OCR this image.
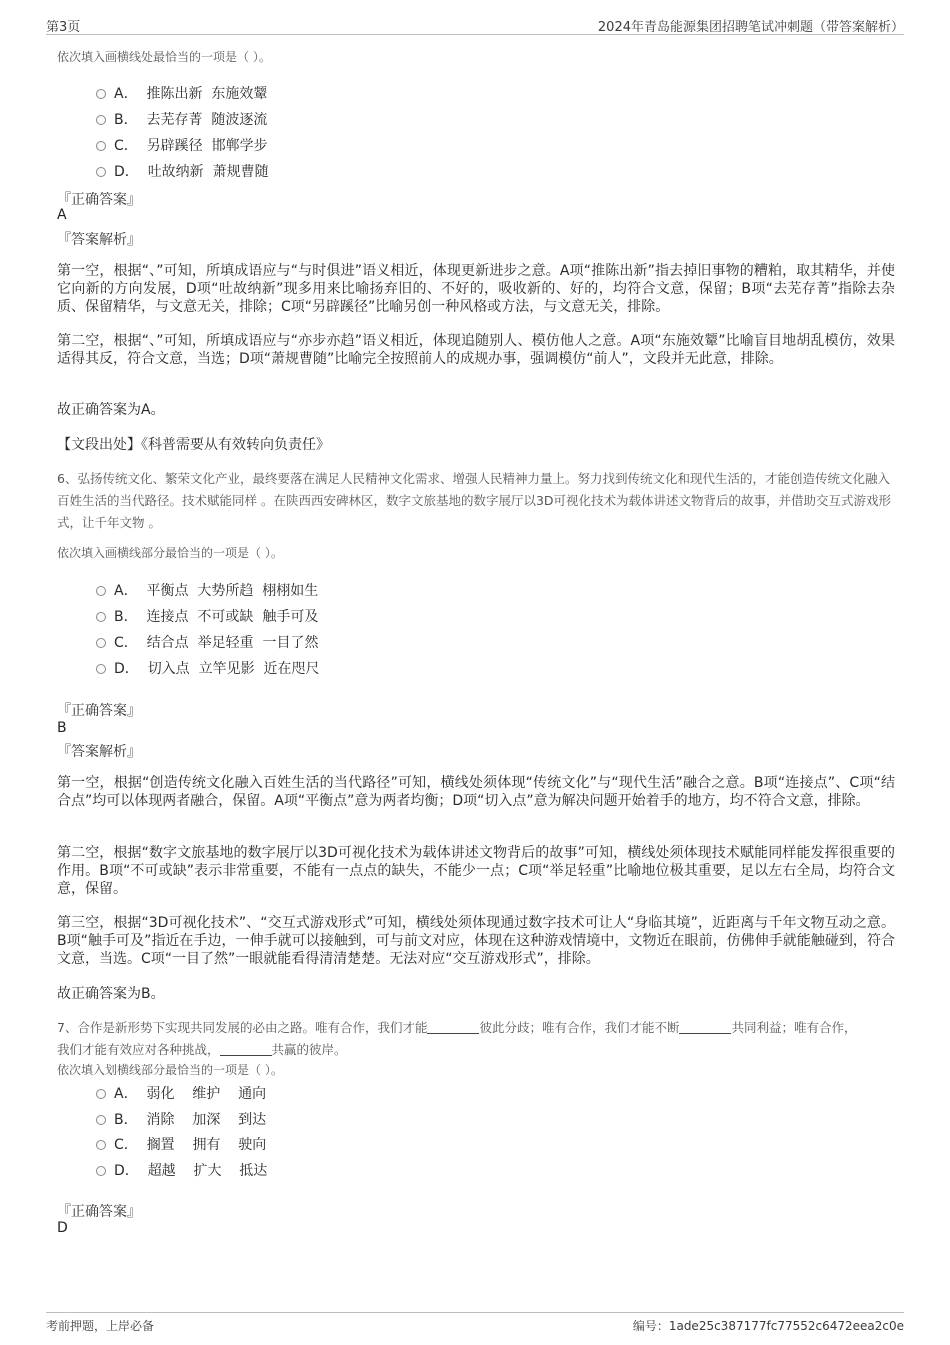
第3页	2024年青岛能源集团招聘笔试冲刺题（带答案解析）
依次填入画横线处最恰当的一项是（ ）。
A． 推陈出新  东施效颦
B． 去芜存菁  随波逐流
C． 另辟蹊径  邯郸学步
D． 吐故纳新  萧规曹随
『正确答案』
A
『答案解析』
第一空，根据“、”可知，所填成语应与“与时俱进”语义相近，体现更新进步之意。A项“推陈出新”指去掉旧事物的糟粕，取其精华，并使它向新的方向发展，D项“吐故纳新”现多用来比喻扬弃旧的、不好的，吸收新的、好的，均符合文意，保留；B项“去芜存菁”指除去杂质、保留精华，与文意无关，排除；C项“另辟蹊径”比喻另创一种风格或方法，与文意无关，排除。
第二空，根据“、”可知，所填成语应与“亦步亦趋”语义相近，体现追随别人、模仿他人之意。A项“东施效颦”比喻盲目地胡乱模仿，效果适得其反，符合文意，当选；D项“萧规曹随”比喻完全按照前人的成规办事，强调模仿“前人”，文段并无此意，排除。
故正确答案为A。
【文段出处】《科普需要从有效转向负责任》
6、弘扬传统文化、繁荣文化产业，最终要落在满足人民精神文化需求、增强人民精神力量上。努力找到传统文化和现代生活的，才能创造传统文化融入百姓生活的当代路径。技术赋能同样 。在陕西西安碑林区，数字文旅基地的数字展厅以3D可视化技术为载体讲述文物背后的故事，并借助交互式游戏形式，让千年文物 。
依次填入画横线部分最恰当的一项是（ ）。
A． 平衡点  大势所趋  栩栩如生
B． 连接点  不可或缺  触手可及
C． 结合点  举足轻重  一目了然
D． 切入点  立竿见影  近在咫尺
『正确答案』
B
『答案解析』
第一空，根据“创造传统文化融入百姓生活的当代路径”可知，横线处须体现“传统文化”与“现代生活”融合之意。B项“连接点”、C项“结合点”均可以体现两者融合，保留。A项“平衡点”意为两者均衡；D项“切入点”意为解决问题开始着手的地方，均不符合文意，排除。
第二空，根据“数字文旅基地的数字展厅以3D可视化技术为载体讲述文物背后的故事”可知，横线处须体现技术赋能同样能发挥很重要的作用。B项“不可或缺”表示非常重要，不能有一点点的缺失，不能少一点；C项“举足轻重”比喻地位极其重要，足以左右全局，均符合文意，保留。
第三空，根据“3D可视化技术”、“交互式游戏形式”可知，横线处须体现通过数字技术可让人“身临其境”，近距离与千年文物互动之意。B项“触手可及”指近在手边，一伸手就可以接触到，可与前文对应，体现在这种游戏情境中，文物近在眼前，仿佛伸手就能触碰到，符合文意，当选。C项“一目了然”一眼就能看得清清楚楚。无法对应“交互游戏形式”，排除。
故正确答案为B。
7、合作是新形势下实现共同发展的必由之路。唯有合作，我们才能	彼此分歧；唯有合作，我们才能不断	共同利益；唯有合作，
我们才能有效应对各种挑战，	共赢的彼岸。
依次填入划横线部分最恰当的一项是（ ）。
A． 弱化    维护    通向
B． 消除    加深    到达
C． 搁置    拥有    驶向
D． 超越    扩大    抵达
『正确答案』
D
考前押题，上岸必备	编号：1ade25c387177fc77552c6472eea2c0e
